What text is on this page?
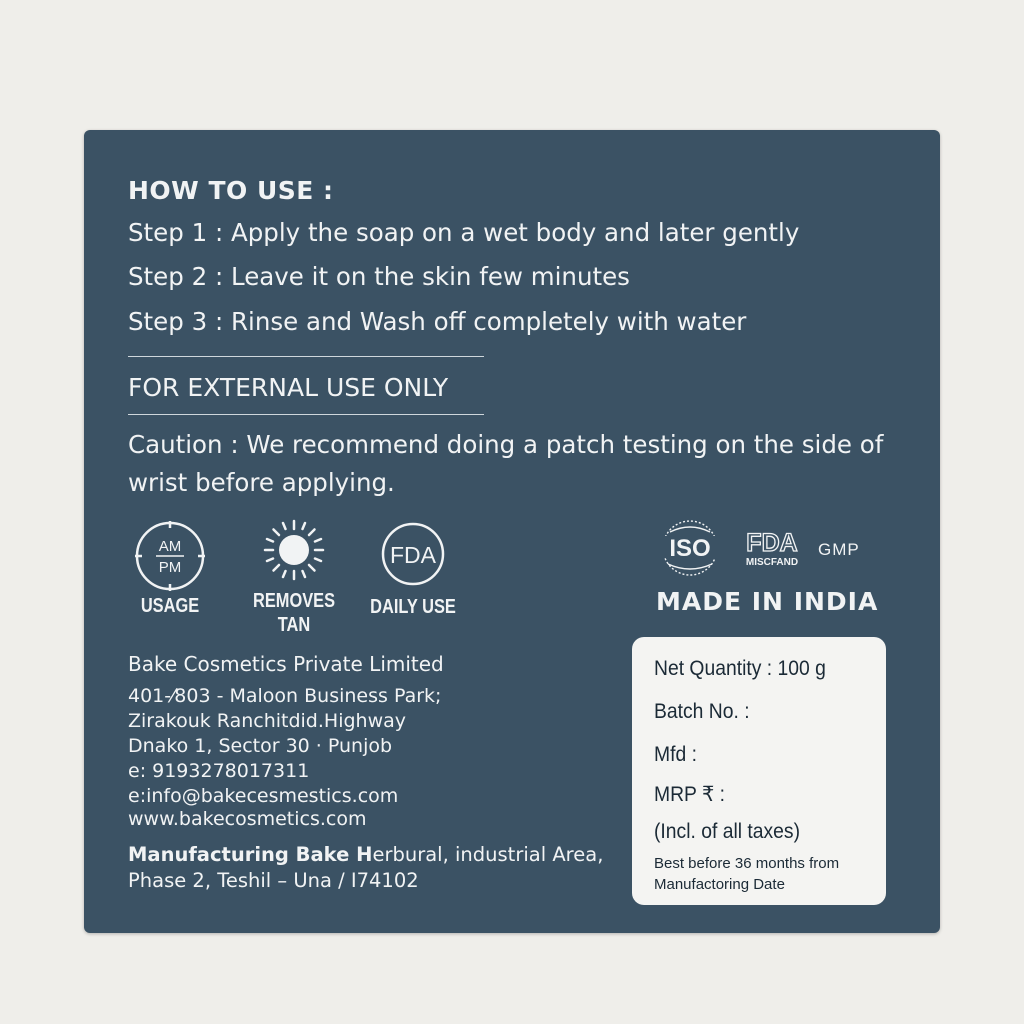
HOW TO USE :
Step 1 : Apply the soap on a wet body and later gently
Step 2 : Leave it on the skin few minutes
Step 3 : Rinse and Wash off completely with water
FOR EXTERNAL USE ONLY
Caution : We recommend doing a patch testing on the side of wrist before applying.
AM
PM
USAGE	REMOVES
TAN
FDA
DAILY USE
Bake Cosmetics Private Limited
401-⁄803 - Maloon Business Park;
Zirakouk Ranchitdid.Highway
Dnako 1, Sector 30 · Punjob
e: 9193278017311
e:info@bakecesmestics.com
www.bakecosmetics.com
Manufacturing Bake Herbural, industrial Area,
Phase 2, Teshil – Una / I74102
ISO FDA
MISCFAND
GMP
MADE IN INDIA
Net Quantity : 100 g
Batch No. :
Mfd :
MRP ₹ :
(Incl. of all taxes)
Best before 36 months from Manufactoring Date
